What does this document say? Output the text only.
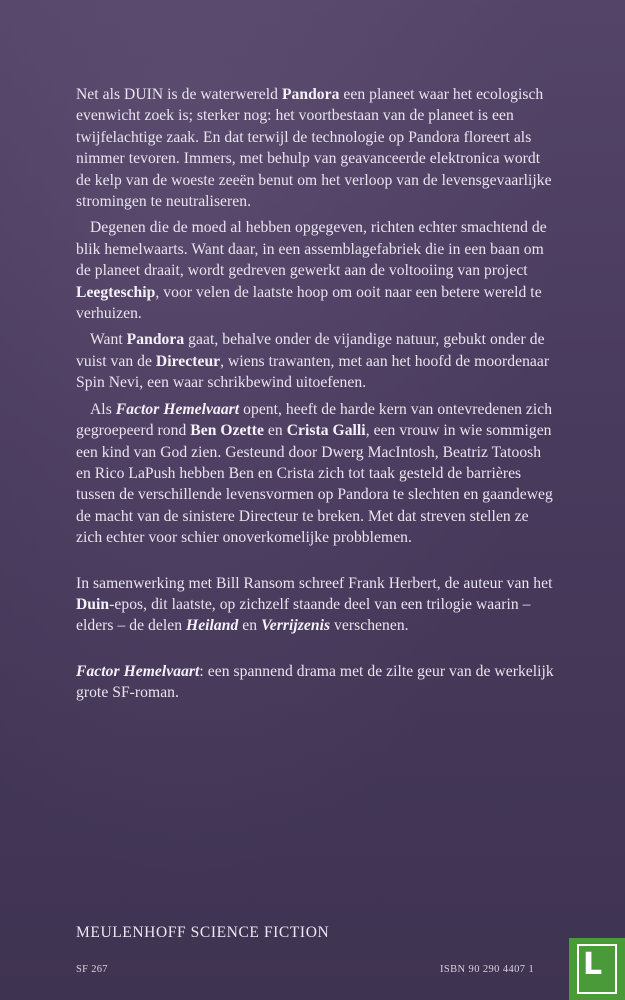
Net als DUIN is de waterwereld Pandora een planeet waar het ecologisch evenwicht zoek is; sterker nog: het voortbestaan van de planeet is een twijfelachtige zaak. En dat terwijl de technologie op Pandora floreert als nimmer tevoren. Immers, met behulp van geavanceerde elektronica wordt de kelp van de woeste zeeën benut om het verloop van de levensgevaarlijke stromingen te neutraliseren.

Degenen die de moed al hebben opgegeven, richten echter smachtend de blik hemelwaarts. Want daar, in een assemblagefabriek die in een baan om de planeet draait, wordt gedreven gewerkt aan de voltooiing van project Leegteschip, voor velen de laatste hoop om ooit naar een betere wereld te verhuizen.

Want Pandora gaat, behalve onder de vijandige natuur, gebukt onder de vuist van de Directeur, wiens trawanten, met aan het hoofd de moordenaar Spin Nevi, een waar schrikbewind uitoefenen.

Als Factor Hemelvaart opent, heeft de harde kern van ontevredenen zich gegroepeerd rond Ben Ozette en Crista Galli, een vrouw in wie sommigen een kind van God zien. Gesteund door Dwerg MacIntosh, Beatriz Tatoosh en Rico LaPush hebben Ben en Crista zich tot taak gesteld de barrières tussen de verschillende levensvormen op Pandora te slechten en gaandeweg de macht van de sinistere Directeur te breken. Met dat streven stellen ze zich echter voor schier onoverkomelijke probblemen.

In samenwerking met Bill Ransom schreef Frank Herbert, de auteur van het Duin-epos, dit laatste, op zichzelf staande deel van een trilogie waarin – elders – de delen Heiland en Verrijzenis verschenen.

Factor Hemelvaart: een spannend drama met de zilte geur van de werkelijk grote SF-roman.

MEULENHOFF SCIENCE FICTION
SF 267	ISBN 90 290 4407 1 L
